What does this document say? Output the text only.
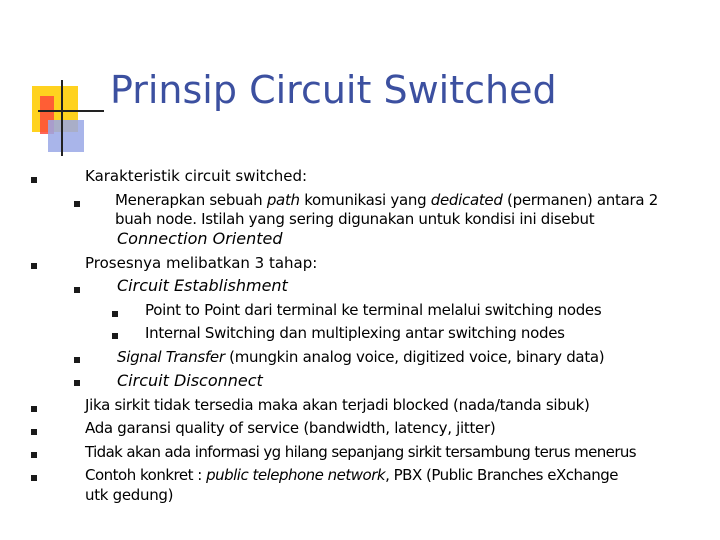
Prinsip Circuit Switched

Karakteristik circuit switched:

Menerapkan sebuah path komunikasi yang dedicated (permanen) antara 2

buah node. Istilah yang sering digunakan untuk kondisi ini disebut

Connection Oriented

Prosesnya melibatkan 3 tahap:

Circuit Establishment

Point to Point dari terminal ke terminal melalui switching nodes

Internal Switching dan multiplexing antar switching nodes

Signal Transfer (mungkin analog voice, digitized voice, binary data)

Circuit Disconnect

Jika sirkit tidak tersedia maka akan terjadi blocked (nada/tanda sibuk)

Ada garansi quality of service (bandwidth, latency, jitter)

Tidak akan ada informasi yg hilang sepanjang sirkit tersambung terus menerus

Contoh konkret : public telephone network, PBX (Public Branches eXchange

utk gedung)
